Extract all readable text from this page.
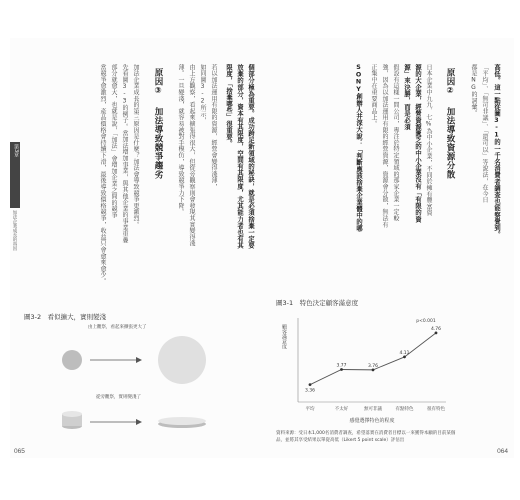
第3章
加法企業成長的真因	個部分極為重要。成功跨足新領域的秘訣，就是必須捨棄一定要
放棄的部分，資本有其限度，空間有其限度，尤其能力者也有其
限度，「捨棄哪些」很重要。
若以加法運用有限的資源，經營會變得淺薄，
如同圖3-2所示，
由上方觀察，看起來擴張得很大，但從旁觀察則會發現其實變得淺
薄。一旦變淺，就容易被對手模仿，導致競爭力下降。
原因③ 加法導致競爭趨劣
加法企業成長的第三原因是什麼？加法會導致競爭更激烈。
先看圖3-3的例子。當加法增加事業，與其他企業的事業重疊
部分就愈大，也就是說，「加法」會增加企業之間的競爭
當競爭愈激烈，產品價格會持續下滑，最後導致價格競爭，收益只會愈來愈少。
圖3-2　看似擴大，實則變淺
由上觀察，看起來擴張更大了
從旁觀察，實則變淺了
065
高低。這一點從圖3-1的一千名消費者調查也能察覺到。
「平均」、「無可非議」、「還可以」等說法，在今日
都是NG的詞彙。
原因② 加法導致資源分散
日本企業中九九．七%為中小企業，不同於擁有豐富資
源的大企業，經營資源匱乏的中小企業沒有「有限的資
源」來決勝，而是必須
假設有這樣一間公司，專注於特定領域的那家企業一定較
強，因為以加法運用有限的經營資源，資源會分散，無法有
正集中在重要商品上。
SONY創辦人井深大說：「判斷應該捨棄企業體中的哪
圖3-1　特色決定顧客滿意度
顧客滿意度
p<0.001
3.36
平均
3.77
不太好
3.76
無可非議
4.11
有點特色
4.76
很有特色
感覺選擇特色的程度
資料來源：受日本1,000名消費者調查，希望落實在消費者目標以一來獲得本顧的目前某個
品，並將其享受結果以單從高低（Likert 5 point scale）評估出
064
